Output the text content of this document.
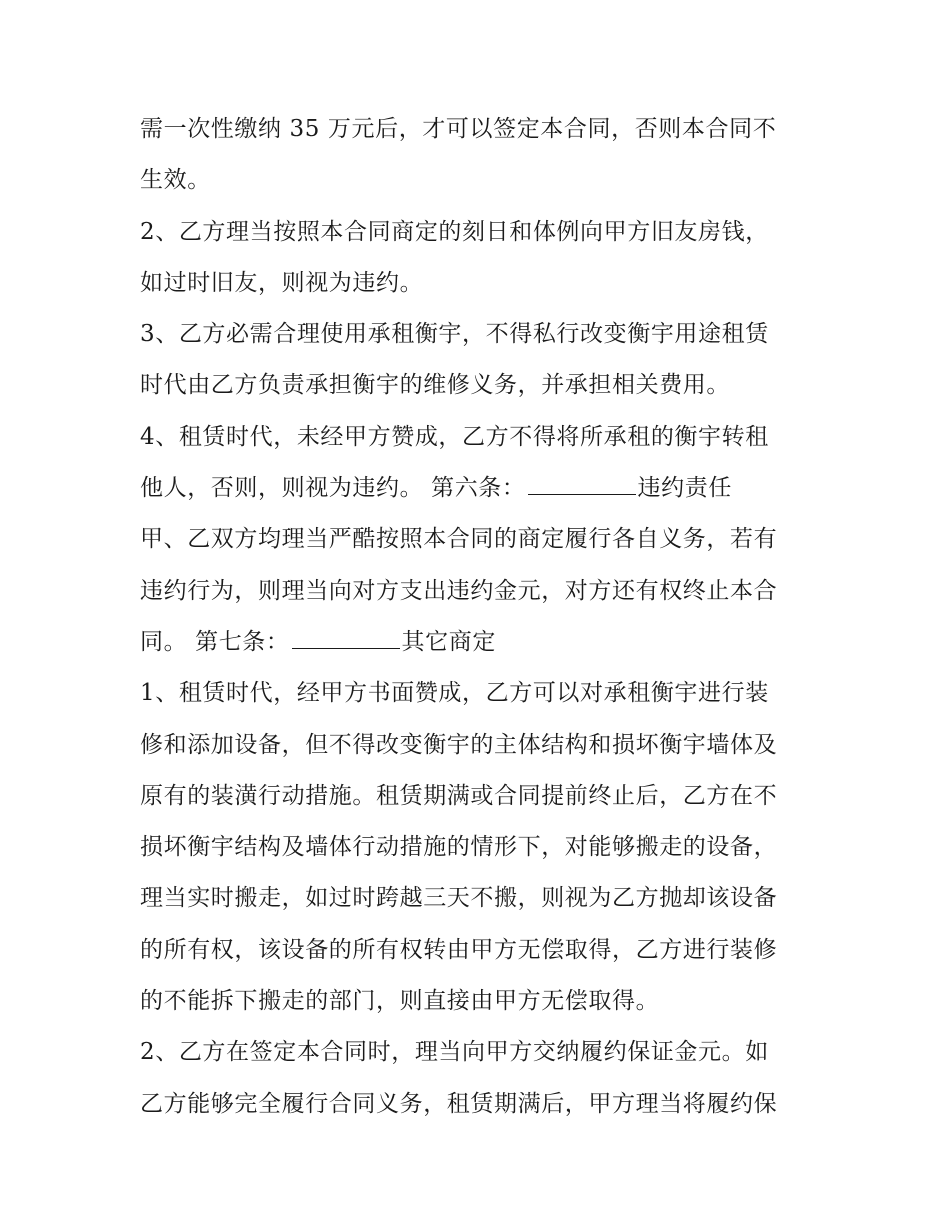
需一次性缴纳 35 万元后，才可以签定本合同，否则本合同不
生效。
2、乙方理当按照本合同商定的刻日和体例向甲方旧友房钱，
如过时旧友，则视为违约。
3、乙方必需合理使用承租衡宇，不得私行改变衡宇用途租赁
时代由乙方负责承担衡宇的维修义务，并承担相关费用。
4、租赁时代，未经甲方赞成，乙方不得将所承租的衡宇转租
他人，否则，则视为违约。 第六条：	违约责任
甲、乙双方均理当严酷按照本合同的商定履行各自义务，若有
违约行为，则理当向对方支出违约金元，对方还有权终止本合
同。 第七条：	其它商定
1、租赁时代，经甲方书面赞成，乙方可以对承租衡宇进行装
修和添加设备，但不得改变衡宇的主体结构和损坏衡宇墙体及
原有的装潢行动措施。租赁期满或合同提前终止后，乙方在不
损坏衡宇结构及墙体行动措施的情形下，对能够搬走的设备，
理当实时搬走，如过时跨越三天不搬，则视为乙方抛却该设备
的所有权，该设备的所有权转由甲方无偿取得，乙方进行装修
的不能拆下搬走的部门，则直接由甲方无偿取得。
2、乙方在签定本合同时，理当向甲方交纳履约保证金元。如
乙方能够完全履行合同义务，租赁期满后，甲方理当将履约保
